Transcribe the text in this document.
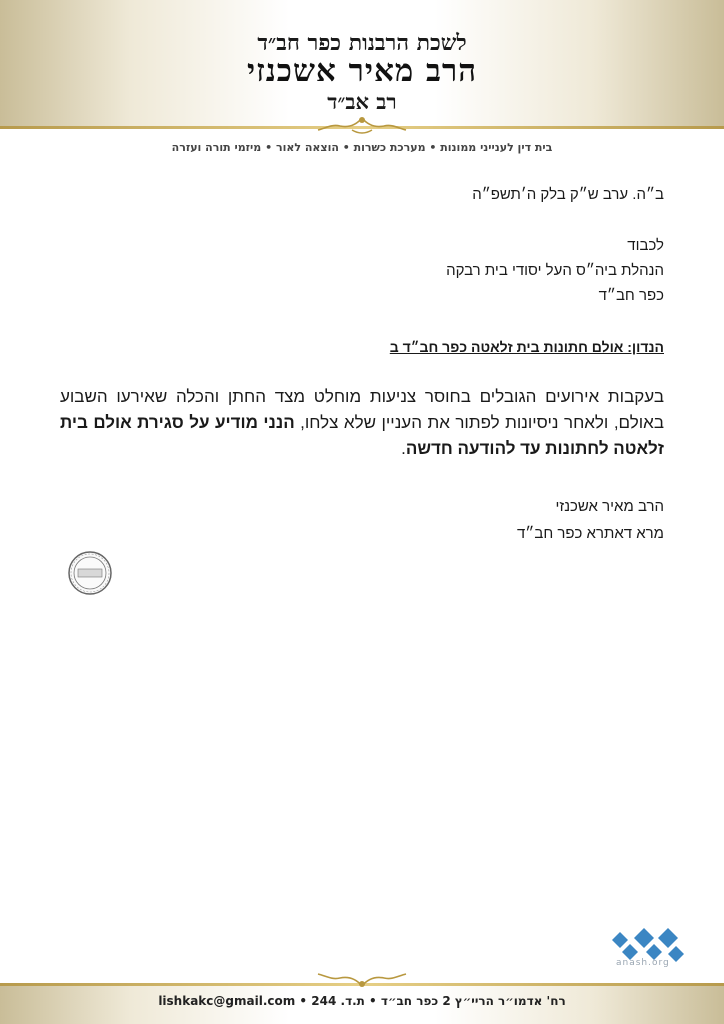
לשכת הרבנות כפר חב״ד
הרב מאיר אשכנזי
רב אב״ד
בית דין לענייני ממונות • מערכת כשרות • הוצאה לאור • מיזמי תורה ועזרה
ב״ה. ערב ש״ק בלק ה׳תשפ״ה
לכבוד
הנהלת ביה״ס העל יסודי בית רבקה
כפר חב״ד
הנדון: אולם חתונות בית זלאטה כפר חב״ד ב
בעקבות אירועים הגובלים בחוסר צניעות מוחלט מצד החתן והכלה שאירעו השבוע באולם, ולאחר ניסיונות לפתור את העניין שלא צלחו, הנני מודיע על סגירת אולם בית זלאטה לחתונות עד להודעה חדשה.
הרב מאיר אשכנזי
מרא דאתרא כפר חב״ד
anash.org
רח' אדמו״ר הריי״ץ 2 כפר חב״ד • ת.ד. 244 • lishkakc@gmail.com
